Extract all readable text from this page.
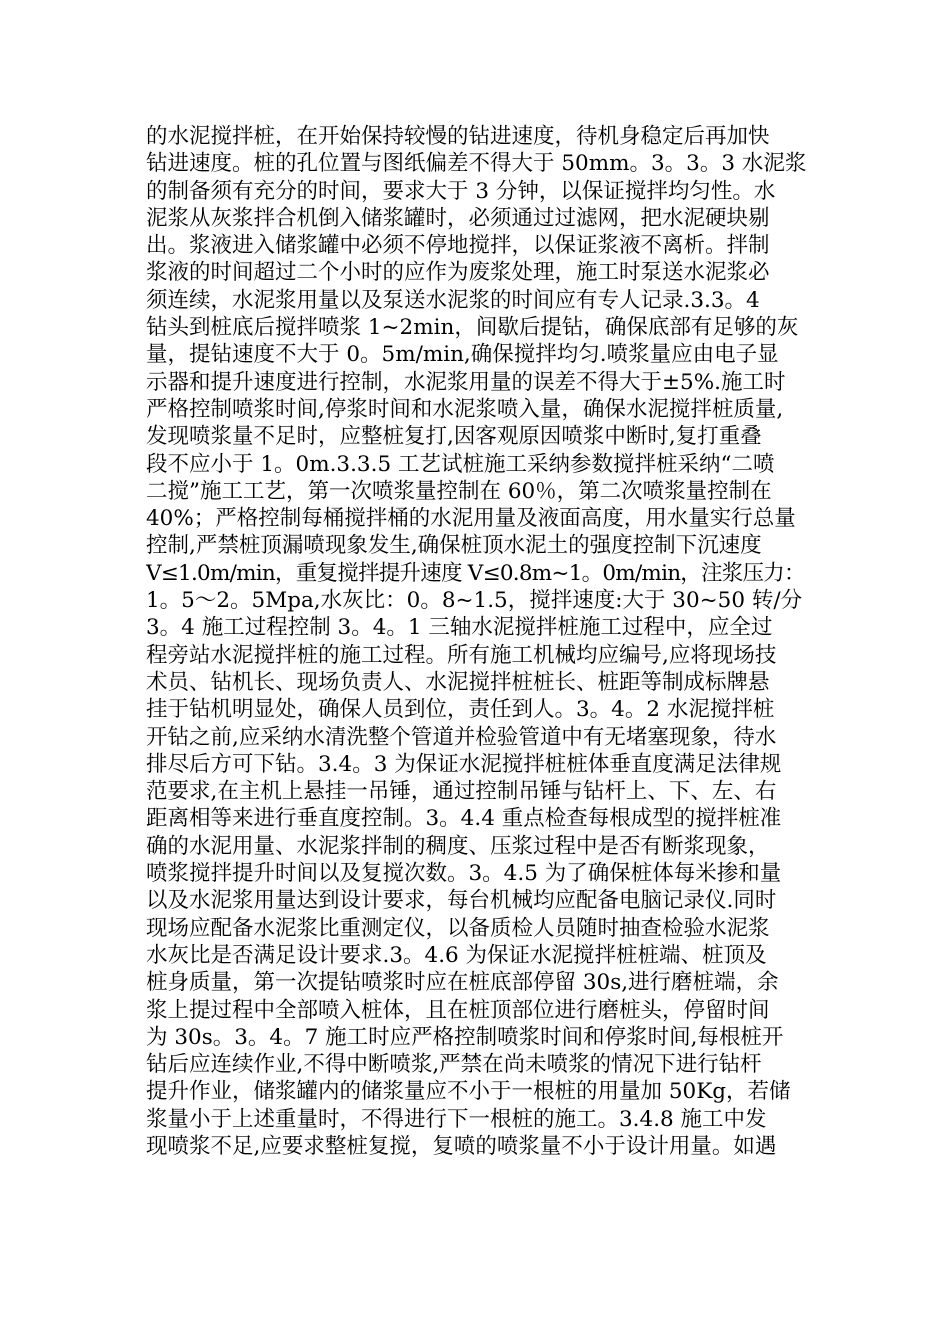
的水泥搅拌桩，在开始保持较慢的钻进速度，待机身稳定后再加快
钻进速度。桩的孔位置与图纸偏差不得大于 50mm。3。3。3 水泥浆
的制备须有充分的时间，要求大于 3 分钟，以保证搅拌均匀性。水
泥浆从灰浆拌合机倒入储浆罐时，必须通过过滤网，把水泥硬块剔
出。浆液进入储浆罐中必须不停地搅拌，以保证浆液不离析。拌制
浆液的时间超过二个小时的应作为废浆处理，施工时泵送水泥浆必
须连续，水泥浆用量以及泵送水泥浆的时间应有专人记录.3.3。4
钻头到桩底后搅拌喷浆 1~2min，间歇后提钻，确保底部有足够的灰
量，提钻速度不大于 0。5m/min,确保搅拌均匀.喷浆量应由电子显
示器和提升速度进行控制，水泥浆用量的误差不得大于±5%.施工时
严格控制喷浆时间,停浆时间和水泥浆喷入量，确保水泥搅拌桩质量,
发现喷浆量不足时，应整桩复打,因客观原因喷浆中断时,复打重叠
段不应小于 1。0m.3.3.5 工艺试桩施工采纳参数搅拌桩采纳“二喷
二搅”施工工艺，第一次喷浆量控制在 60％，第二次喷浆量控制在
40%；严格控制每桶搅拌桶的水泥用量及液面高度，用水量实行总量
控制,严禁桩顶漏喷现象发生,确保桩顶水泥土的强度控制下沉速度
V≤1.0m/min，重复搅拌提升速度 V≤0.8m~1。0m/min，注浆压力：
1。5～2。5Mpa,水灰比：0。8~1.5，搅拌速度:大于 30~50 转/分
3。4 施工过程控制 3。4。1 三轴水泥搅拌桩施工过程中，应全过
程旁站水泥搅拌桩的施工过程。所有施工机械均应编号,应将现场技
术员、钻机长、现场负责人、水泥搅拌桩桩长、桩距等制成标牌悬
挂于钻机明显处，确保人员到位，责任到人。3。4。2 水泥搅拌桩
开钻之前,应采纳水清洗整个管道并检验管道中有无堵塞现象，待水
排尽后方可下钻。3.4。3 为保证水泥搅拌桩桩体垂直度满足法律规
范要求,在主机上悬挂一吊锤，通过控制吊锤与钻杆上、下、左、右
距离相等来进行垂直度控制。3。4.4 重点检查每根成型的搅拌桩准
确的水泥用量、水泥浆拌制的稠度、压浆过程中是否有断浆现象，
喷浆搅拌提升时间以及复搅次数。3。4.5 为了确保桩体每米掺和量
以及水泥浆用量达到设计要求，每台机械均应配备电脑记录仪.同时
现场应配备水泥浆比重测定仪，以备质检人员随时抽查检验水泥浆
水灰比是否满足设计要求.3。4.6 为保证水泥搅拌桩桩端、桩顶及
桩身质量，第一次提钻喷浆时应在桩底部停留 30s,进行磨桩端，余
浆上提过程中全部喷入桩体，且在桩顶部位进行磨桩头，停留时间
为 30s。3。4。7 施工时应严格控制喷浆时间和停浆时间,每根桩开
钻后应连续作业,不得中断喷浆,严禁在尚未喷浆的情况下进行钻杆
提升作业，储浆罐内的储浆量应不小于一根桩的用量加 50Kg，若储
浆量小于上述重量时，不得进行下一根桩的施工。3.4.8 施工中发
现喷浆不足,应要求整桩复搅，复喷的喷浆量不小于设计用量。如遇
